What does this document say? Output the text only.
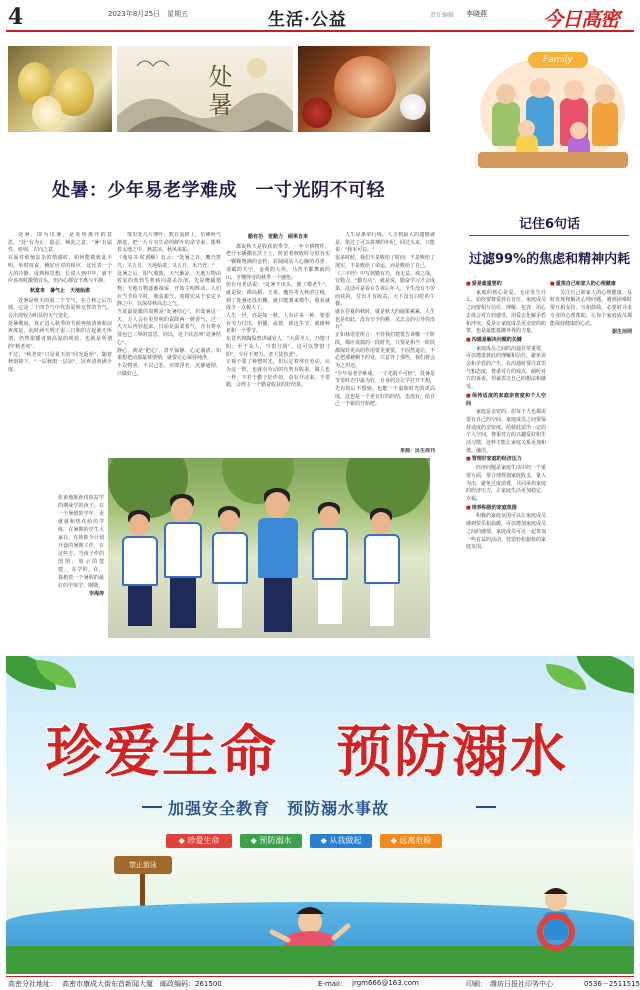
4	2023年8月25日　星期五	生活·公益	责任编辑 李晓燕	今日高密
处暑
Family
处暑：少年易老学难成　一寸光阴不可轻

处暑，即为出暑，是炎热离开的意思。"处"有为止、隐忍、畅乱之意。"暑"有属性、转则，方向之意。
在面对烦恼复杂的情感时，如何能精致乱不明，举时度食，赖好应对的相应，这代表一个人的冷静、成熟和思想。长说人到中年，就不应该再时激情冒头，但内心都安不离与平静。

秋意来　暑气止　天地始肃

处暑是秋天的第二个节气，在立秋之后出现。它是二十四节气中代表夏秋交替的节气，会出现较为明显的天气变化。
处暑期间，真正进入秋季的节候再续清爽和凉爽度起，此时两天明正雷三日和的方起就无所谓，仍然依暖者到高温的现状。也就是所谓的"秋老虎"。
不过，"秋老虎"只是夏天的"回光返照"，随着秋雨降下，"一层秋雨一层凉"，凉爽清爽满全度。

鄂里处几片薄叶，数在流移上，仿佛秋气渐进，把一片片有生命的鲜叶的命节来，拨释着太地之中，秋意凉，秋风来振。
《逸周书·时训解》有云："处暑之日，鹰乃祭鸟；又五日，天地始肃；又五日，禾乃登。"
处暑之后，阳气收敛，天气渐凉，天地万物由着夏的勃勃生机转向肃杀冷清，先是鹰捕猎物；天地万物逐渐凋零，开始主明辉动，人们应当节俭平时，收获甜气，度精宏从于安定平静之中，以保持秋高志之气。
当夏最夏暖的周期是"处暑结心"，若处暑这一天，万人会在更里明的说降两一鲜香气，过一天天后再轻起来，日前是温柔着气，含有将水蒸包已三界的意思。同以，这个状态叫"处暑结心"。
静心，就是"把心"，清早保静、心定满清，如果想把前那最尊情情，就要让心保持纯净。
不以物喜，不以己悲，应即浮名，沉静通彻，只做好己。

勤有功　觉勤力　硕果自来

都说秋天是收获的季节，一年辛耕物件，把汗水播撒在沃土上，阶留着秋收时分很谷实一颗颗饱满的金粒，彩阔阅站人心胸的苏喜。请霸的天空，金黄的大块，马背羊都舞就的山，才懂得劳的秋季一个感悟。
但有句老话说："处暑不出头，割了喂老牛"。就是说：捧高稻、玉米，魔谷等大秋的庄稼，到了处暑还没出穗，就只能割来喂牛，收获就成少一点极大了。
人生一世，亦是如一秋。人有许多一种，要很有劳力付出，但播，或禧，就这生节，就像种花积一个季节。
东晋名将陶侃曾讲诫官人："大禹圣人，乃惜寸阴；至于众人，当惜分阴"。这可以警惜寸阴"，少壮不努力，老大徒伤悲"。
正视不要了种整时光，但后定着努有劳动，认为这一阵，也就有劳动的有努有收来，做人也一样，不若于勤于好作如，奋有开动来，不要勤，会得主一个勤奋收获的好结果。

人生是条单行线，人含到最大的遗憾就是，错过了可以拼搏的年纪，回过头来，只能说："我本可以。"
很多时候，我们不是败给了时间，不是败给了现实，不是败给了命运，而是败给了自己。
《三字经》中写到勤有功，戏无益。戒之哉，宜勉力。"勤有功"，就是说，勤奋学习才会成果。这话可是看在告诉后年人，全生没有不劳而获的，付出才有收益，天下没有白吃的午餐。
就在卷夏的秋时，就是秋天的硕果累累，人生也是如此，没有辛少的耕，又怎会的引导你没有？
正如林语堂所言：不管我们建筑告诉哪一个阶段，都应该搞的一段时光，只要是相当一阶段都保持更高的作用要更重要，不固然退让，不必把那被剩下的宽，只意外了那些，我们将会为之坦迈。
"少年易老学难成，一寸光阴不可轻"，处暑是节奏时态中最为好，自身的会让学打开不想，先有的后不想到，也能一个温和时光的更高度，这也是一个更有好的的结，也没有，给自己一个新的开始吧。

来源：民生周刊

张甫地陈孙仅权益学的期成学的孩子，在一个暑假的学年，更就就和热在给的学练，在暑期的学生大家在，在陕陕全计划开设的暑期工作，在这些方，当孩子作的图图，放示的建建，，在学的，在，我想着一个暑假的最好的学体学，期期。
李海涛
记住6句话
过滤99%的焦虑和精神内耗

■ 爱是最重要的

家庭的核心是爱，无论发生什么，始终要将爱放在首位。家庭成员之间要相互信任、理解、包容，用心去体会对方的感受，用爱去化解矛盾和冲突。爱是让家庭成员更亲密的纽带，也是最能抵御外界的力量。

■ 沟通是解决问题的关键

家庭成员之间的沟通非常重要，可以增进彼此的理解和信任，避免误会和矛盾的产生。在沟通时要注意语气和态度，尊重对方的观点，倾听对方的诉说，坦诚表达自己的想法和感受。

■ 保持适度的家庭亲密度和个人空间

家庭是亲密的，但每个人也都需要有自己的空间。家庭成员之间要保持适度的亲密度，给彼此留出一定的个人空间，尊重对方的兴趣爱好和生活习惯，这样才能让家庭关系更加和谐、融洽。

■ 管理好家庭的经济压力

经济问题是家庭生活中的一个重要方面，要合理规划家庭收支，量入为出，避免过度消费，共同承担家庭的经济压力，让家庭生活更加稳定、幸福。

■ 培养积极的家庭氛围

积极的家庭氛围可以让家庭成员感到快乐和温暖，可以增加家庭成员之间的感情。家庭成员可以一起参加一些有益的活动，营造轻松愉快的家庭氛围。

■ 重视自己和家人的心理健康

关注自己和家人的心理健康，及时发现和解决心理问题。遇到困难时要互相支持、互相鼓励，必要时寻求专业的心理帮助，让每个家庭成员都能保持健康的心态。

据生活网

珍爱生命　预防溺水
加强安全教育　预防溺水事故
◆ 珍爱生命	◆ 预防溺水	◆ 从我做起	◆ 远离危险
禁止游泳
高密分社地址： 高密市康成大街东首新闻大厦　邮政编码：261500	E-mail： jrgm666@163.com	印刷： 潍坊日报社印务中心	0536－2511515
